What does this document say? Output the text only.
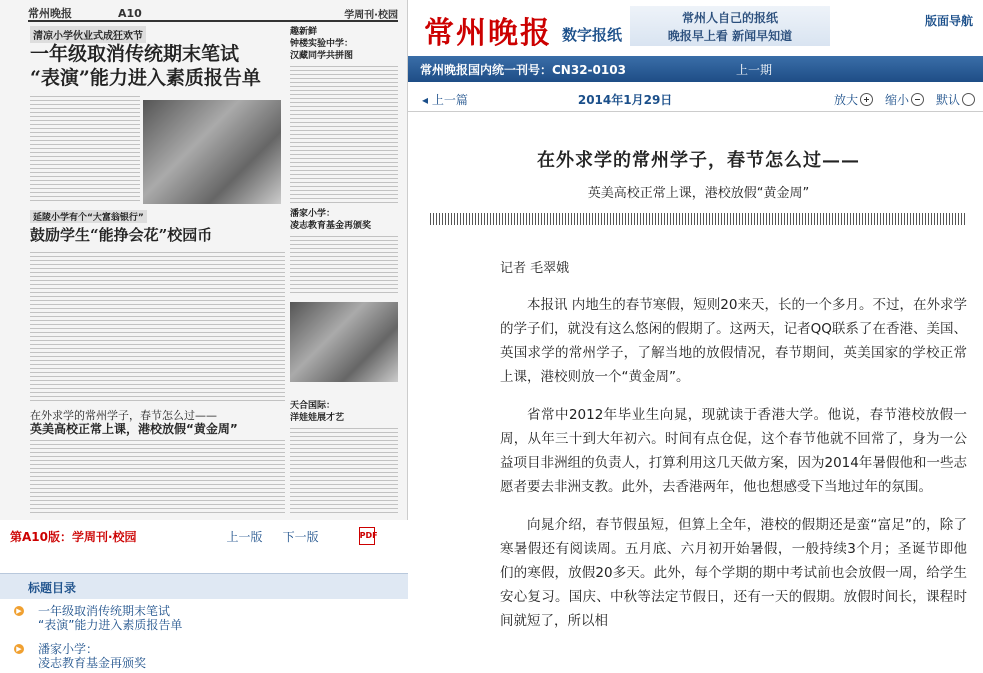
常州晚报	A10	学周刊·校园
清凉小学伙业式成狂欢节
一年级取消传统期末笔试
“表演”能力进入素质报告单
趣新鲜
钟楼实验中学：
汉藏同学共拼图
潘家小学：
凌志教育基金再颁奖
延陵小学有个“大富翁银行”
鼓励学生“能挣会花”校园币
在外求学的常州学子，春节怎么过——
英美高校正常上课，港校放假“黄金周”
天合国际：
洋娃娃展才艺
第A10版：学周刊·校园	上一版 下一版	PDF
标题目录
▶ 一年级取消传统期末笔试
“表演”能力进入素质报告单
▶ 潘家小学：
凌志教育基金再颁奖
常州晚报 数字报纸
常州人自己的报纸
晚报早上看 新闻早知道
版面导航
常州晚报国内统一刊号：CN32-0103	上一期
◂ 上一篇	2014年1月29日	放大 缩小 默认
在外求学的常州学子，春节怎么过——
英美高校正常上课，港校放假“黄金周”
记者 毛翠娥

本报讯 内地生的春节寒假，短则20来天，长的一个多月。不过，在外求学的学子们，就没有这么悠闲的假期了。这两天，记者QQ联系了在香港、美国、英国求学的常州学子，了解当地的放假情况，春节期间，英美国家的学校正常上课，港校则放一个“黄金周”。

省常中2012年毕业生向晁，现就读于香港大学。他说，春节港校放假一周，从年三十到大年初六。时间有点仓促，这个春节他就不回常了，身为一公益项目非洲组的负责人，打算利用这几天做方案，因为2014年暑假他和一些志愿者要去非洲支教。此外，去香港两年，他也想感受下当地过年的氛围。

向晁介绍，春节假虽短，但算上全年，港校的假期还是蛮“富足”的，除了寒暑假还有阅读周。五月底、六月初开始暑假，一般持续3个月；圣诞节即他们的寒假，放假20多天。此外，每个学期的期中考试前也会放假一周，给学生安心复习。国庆、中秋等法定节假日，还有一天的假期。放假时间长，课程时间就短了，所以相
